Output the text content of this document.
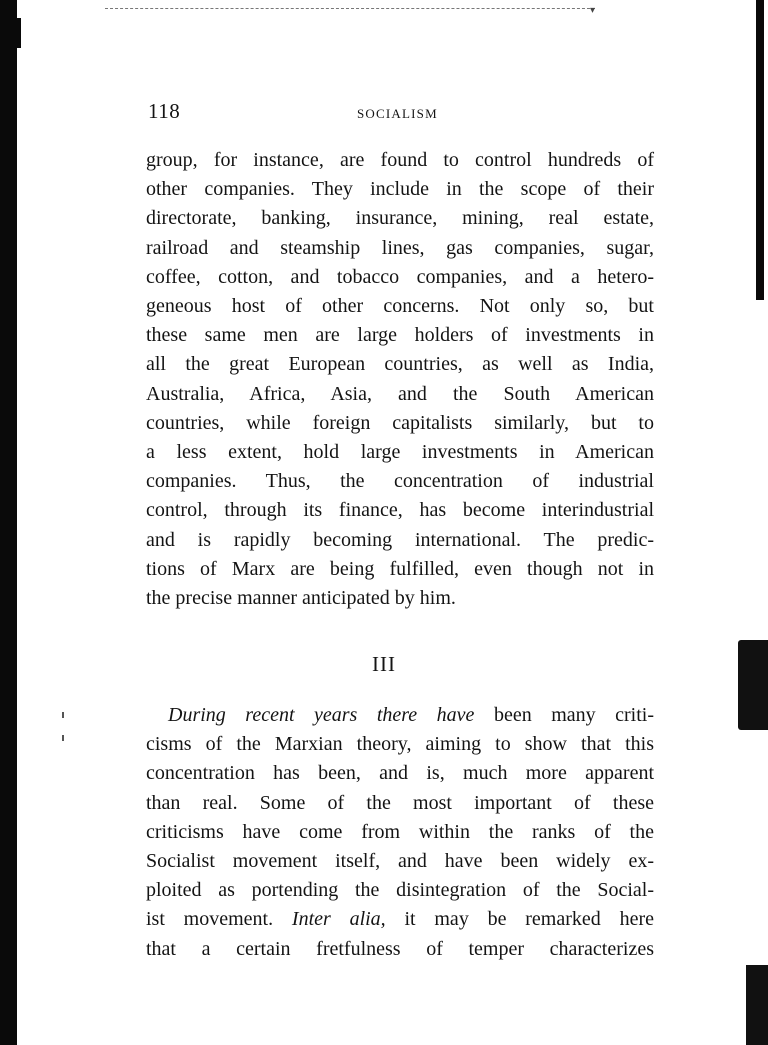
▾
118	SOCIALISM
group, for instance, are found to control hundreds of
other companies. They include in the scope of their
directorate, banking, insurance, mining, real estate,
railroad and steamship lines, gas companies, sugar,
coffee, cotton, and tobacco companies, and a hetero-
geneous host of other concerns. Not only so, but
these same men are large holders of investments in
all the great European countries, as well as India,
Australia, Africa, Asia, and the South American
countries, while foreign capitalists similarly, but to
a less extent, hold large investments in American
companies. Thus, the concentration of industrial
control, through its finance, has become interindustrial
and is rapidly becoming international. The predic-
tions of Marx are being fulfilled, even though not in
the precise manner anticipated by him.
III
During recent years there have been many criti-
cisms of the Marxian theory, aiming to show that this
concentration has been, and is, much more apparent
than real. Some of the most important of these
criticisms have come from within the ranks of the
Socialist movement itself, and have been widely ex-
ploited as portending the disintegration of the Social-
ist movement. Inter alia, it may be remarked here
that a certain fretfulness of temper characterizes
